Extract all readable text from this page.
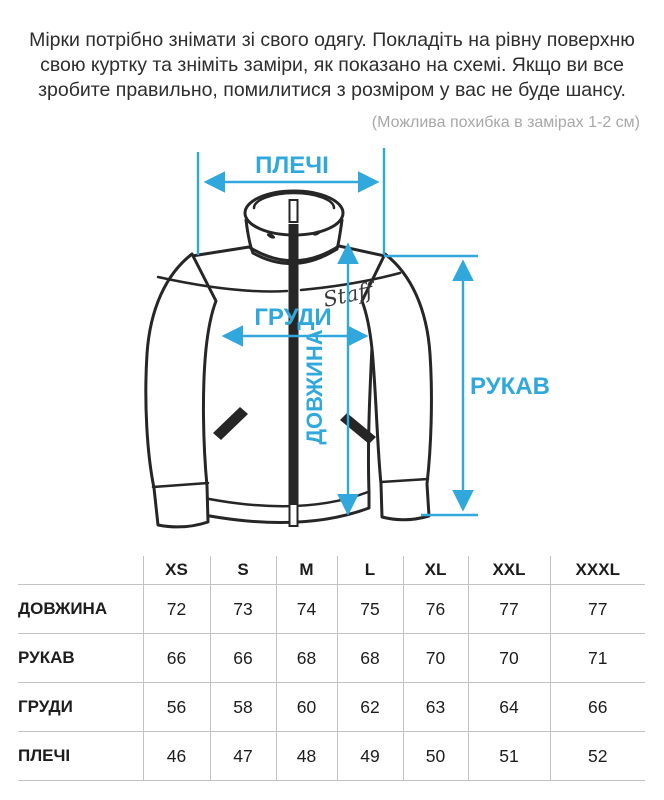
Мірки потрібно знімати зі свого одягу. Покладіть на рівну поверхню
свою куртку та зніміть заміри, як показано на схемі. Якщо ви все
зробите правильно, помилитися з розміром у вас не буде шансу.
(Можлива похибка в замірах 1-2 см)
Staff
ПЛЕЧІ
ГРУДИ
ДОВЖИНА	РУКАВ
	XS	S	M	L	XL	XXL	XXXL
ДОВЖИНА	72	73	74	75	76	77	77
РУКАВ	66	66	68	68	70	70	71
ГРУДИ	56	58	60	62	63	64	66
ПЛЕЧІ	46	47	48	49	50	51	52
